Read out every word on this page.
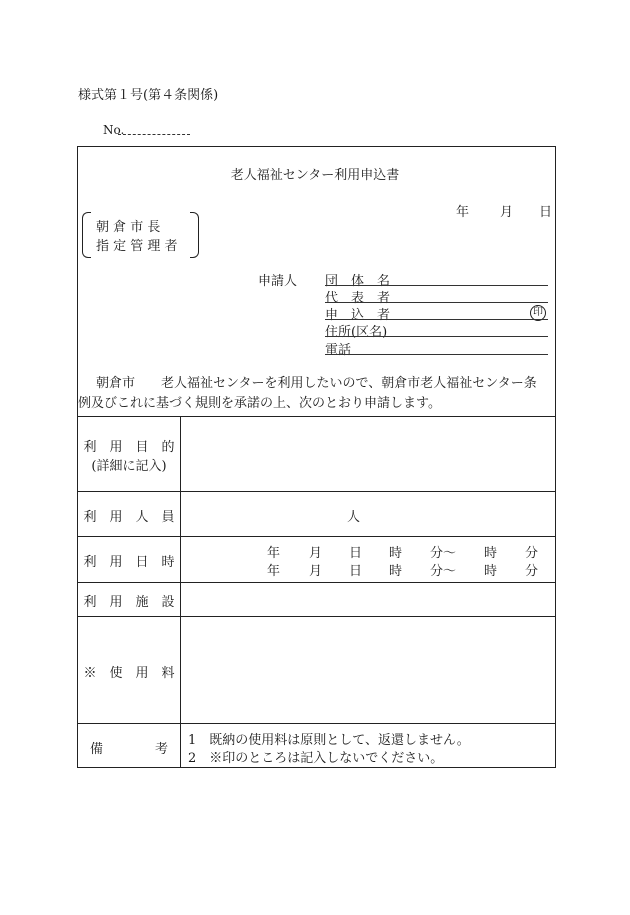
様式第１号(第４条関係)
No.
老人福祉センター利用申込書
年 月 日
朝 倉 市 長
指 定 管 理 者
申請人 団　体　名
代　表　者
申　込　者	印
住所(区名)
電話
朝倉市　　老人福祉センターを利用したいので、朝倉市老人福祉センター条
例及びこれに基づく規則を承諾の上、次のとおり申請します。
利　用　目　的
(詳細に記入)
利　用　人　員	人
利　用　日　時
年 月 日 時 分～ 時 分
年 月 日 時 分～ 時 分
利　用　施　設
※　使　用　料
備　　　　考
1　既納の使用料は原則として、返還しません。
2　※印のところは記入しないでください。
